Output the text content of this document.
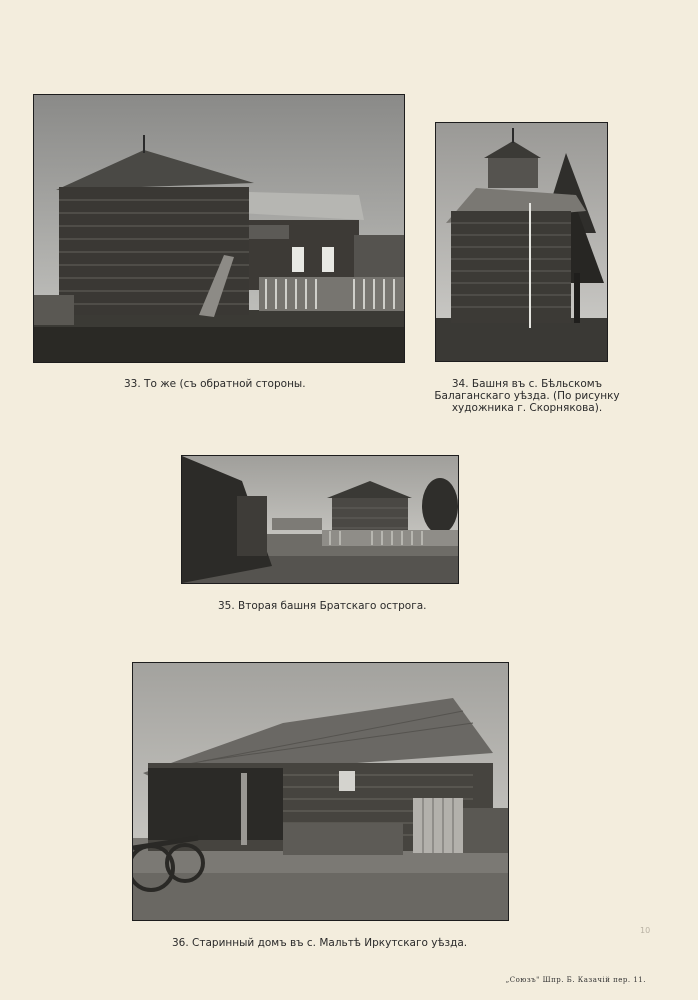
33. То же (съ обратной стороны.	34. Башня въ с. Бѣльскомъ
Балаганскаго уѣзда. (По рисунку
художника г. Скорнякова).
35. Вторая башня Братскаго острога.
36. Старинный домъ въ с. Мальтѣ Иркутскаго уѣзда.
„Союзъ" Шпр. Б. Казачій пер. 11.
10
